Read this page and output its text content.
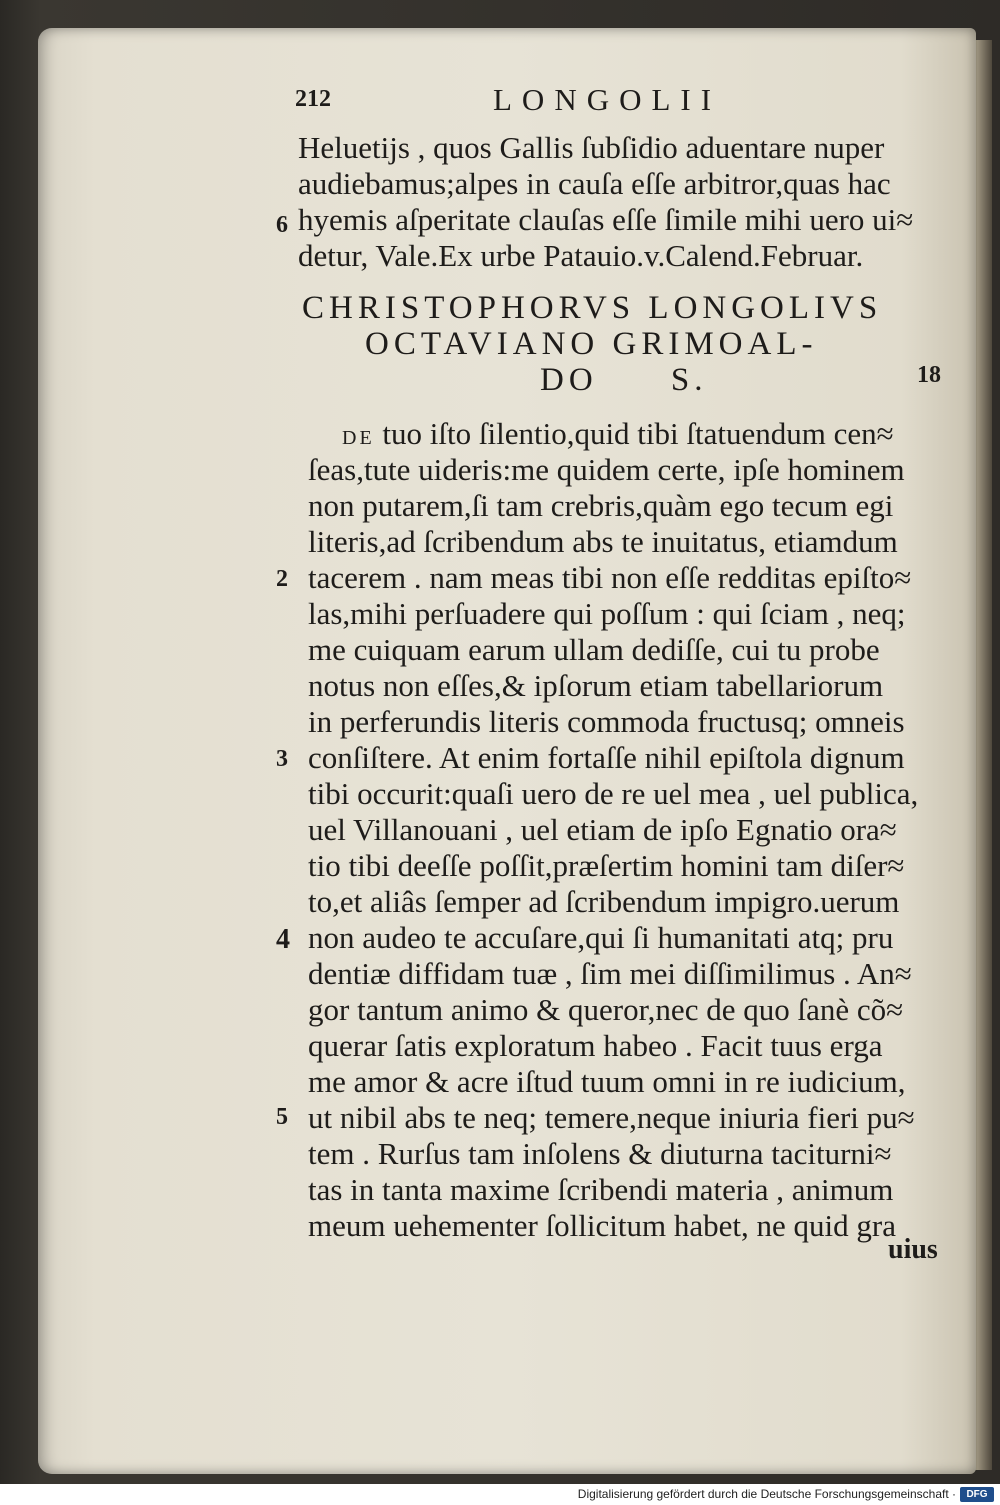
212	LONGOLII
Heluetijs , quos Gallis ſubſidio aduentare nuper
audiebamus;alpes in cauſa eſſe arbitror,quas hac
hyemis aſperitate clauſas eſſe ſimile mihi uero ui≈
detur, Vale.Ex urbe Patauio.v.Calend.Februar.
6
CHRISTOPHORVS LONGOLIVS
OCTAVIANO GRIMOAL-
DO S.	18
DE tuo iſto ſilentio,quid tibi ſtatuendum cen≈
ſeas,tute uideris:me quidem certe, ipſe hominem
non putarem,ſi tam crebris,quàm ego tecum egi
literis,ad ſcribendum abs te inuitatus, etiamdum
tacerem . nam meas tibi non eſſe redditas epiſto≈
las,mihi perſuadere qui poſſum : qui ſciam , neq;
me cuiquam earum ullam dediſſe, cui tu probe
notus non eſſes,& ipſorum etiam tabellariorum
in perferundis literis commoda fructusq; omneis
conſiſtere. At enim fortaſſe nihil epiſtola dignum
tibi occurit:quaſi uero de re uel mea , uel publica,
uel Villanouani , uel etiam de ipſo Egnatio ora≈
tio tibi deeſſe poſſit,præſertim homini tam diſer≈
to,et aliâs ſemper ad ſcribendum impigro.uerum
non audeo te accuſare,qui ſi humanitati atq; pru
dentiæ diffidam tuæ , ſim mei diſſimilimus . An≈
gor tantum animo & queror,nec de quo ſanè cõ≈
querar ſatis exploratum habeo . Facit tuus erga
me amor & acre iſtud tuum omni in re iudicium,
ut nibil abs te neq; temere,neque iniuria fieri pu≈
tem . Rurſus tam inſolens & diuturna taciturni≈
tas in tanta maxime ſcribendi materia , animum
meum uehementer ſollicitum habet, ne quid gra
uius
2
3
4
5
Digitalisierung gefördert durch die Deutsche Forschungsgemeinschaft ·	DFG
